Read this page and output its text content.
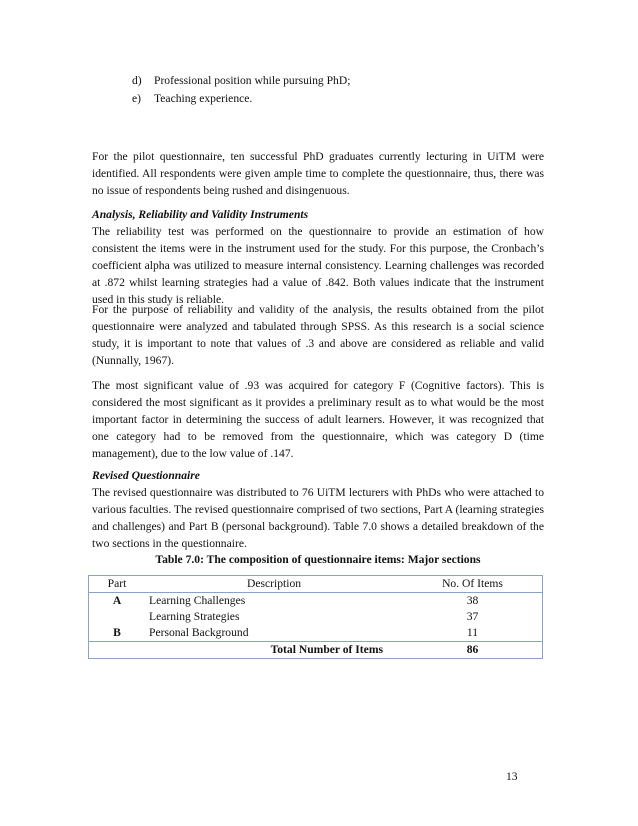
d)	Professional position while pursuing PhD;
e)	Teaching experience.
For the pilot questionnaire, ten successful PhD graduates currently lecturing in UiTM were identified. All respondents were given ample time to complete the questionnaire, thus, there was no issue of respondents being rushed and disingenuous.
Analysis, Reliability and Validity Instruments
The reliability test was performed on the questionnaire to provide an estimation of how consistent the items were in the instrument used for the study. For this purpose, the Cronbach’s coefficient alpha was utilized to measure internal consistency. Learning challenges was recorded at .872 whilst learning strategies had a value of .842. Both values indicate that the instrument used in this study is reliable.
For the purpose of reliability and validity of the analysis, the results obtained from the pilot questionnaire were analyzed and tabulated through SPSS. As this research is a social science study, it is important to note that values of .3 and above are considered as reliable and valid (Nunnally, 1967).
The most significant value of .93 was acquired for category F (Cognitive factors). This is considered the most significant as it provides a preliminary result as to what would be the most important factor in determining the success of adult learners. However, it was recognized that one category had to be removed from the questionnaire, which was category D (time management), due to the low value of .147.
Revised Questionnaire
The revised questionnaire was distributed to 76 UiTM lecturers with PhDs who were attached to various faculties. The revised questionnaire comprised of two sections, Part A (learning strategies and challenges) and Part B (personal background). Table 7.0 shows a detailed breakdown of the two sections in the questionnaire.
Table 7.0: The composition of questionnaire items: Major sections
Part	Description	No. Of Items
A	Learning Challenges	38
	Learning Strategies	37
B	Personal Background	11
	Total Number of Items	86
13
